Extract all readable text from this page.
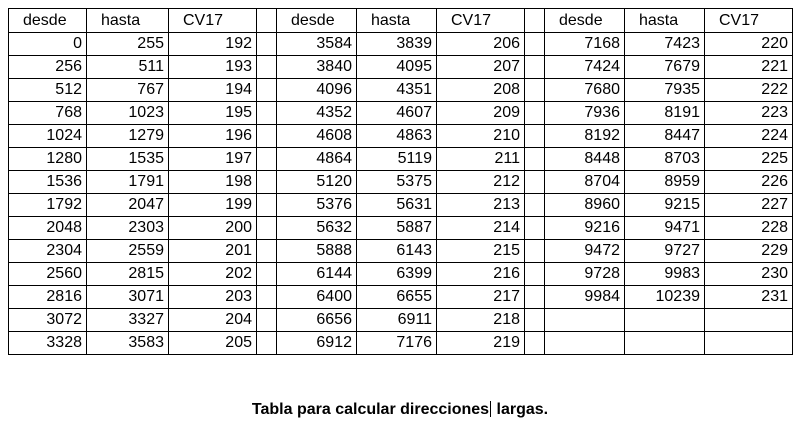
desde	hasta	CV17		desde	hasta	CV17		desde	hasta	CV17
0	255	192		3584	3839	206		7168	7423	220
256	511	193		3840	4095	207		7424	7679	221
512	767	194		4096	4351	208		7680	7935	222
768	1023	195		4352	4607	209		7936	8191	223
1024	1279	196		4608	4863	210		8192	8447	224
1280	1535	197		4864	5119	211		8448	8703	225
1536	1791	198		5120	5375	212		8704	8959	226
1792	2047	199		5376	5631	213		8960	9215	227
2048	2303	200		5632	5887	214		9216	9471	228
2304	2559	201		5888	6143	215		9472	9727	229
2560	2815	202		6144	6399	216		9728	9983	230
2816	3071	203		6400	6655	217		9984	10239	231
3072	3327	204		6656	6911	218				
3328	3583	205		6912	7176	219				
Tabla para calcular direcciones largas.
